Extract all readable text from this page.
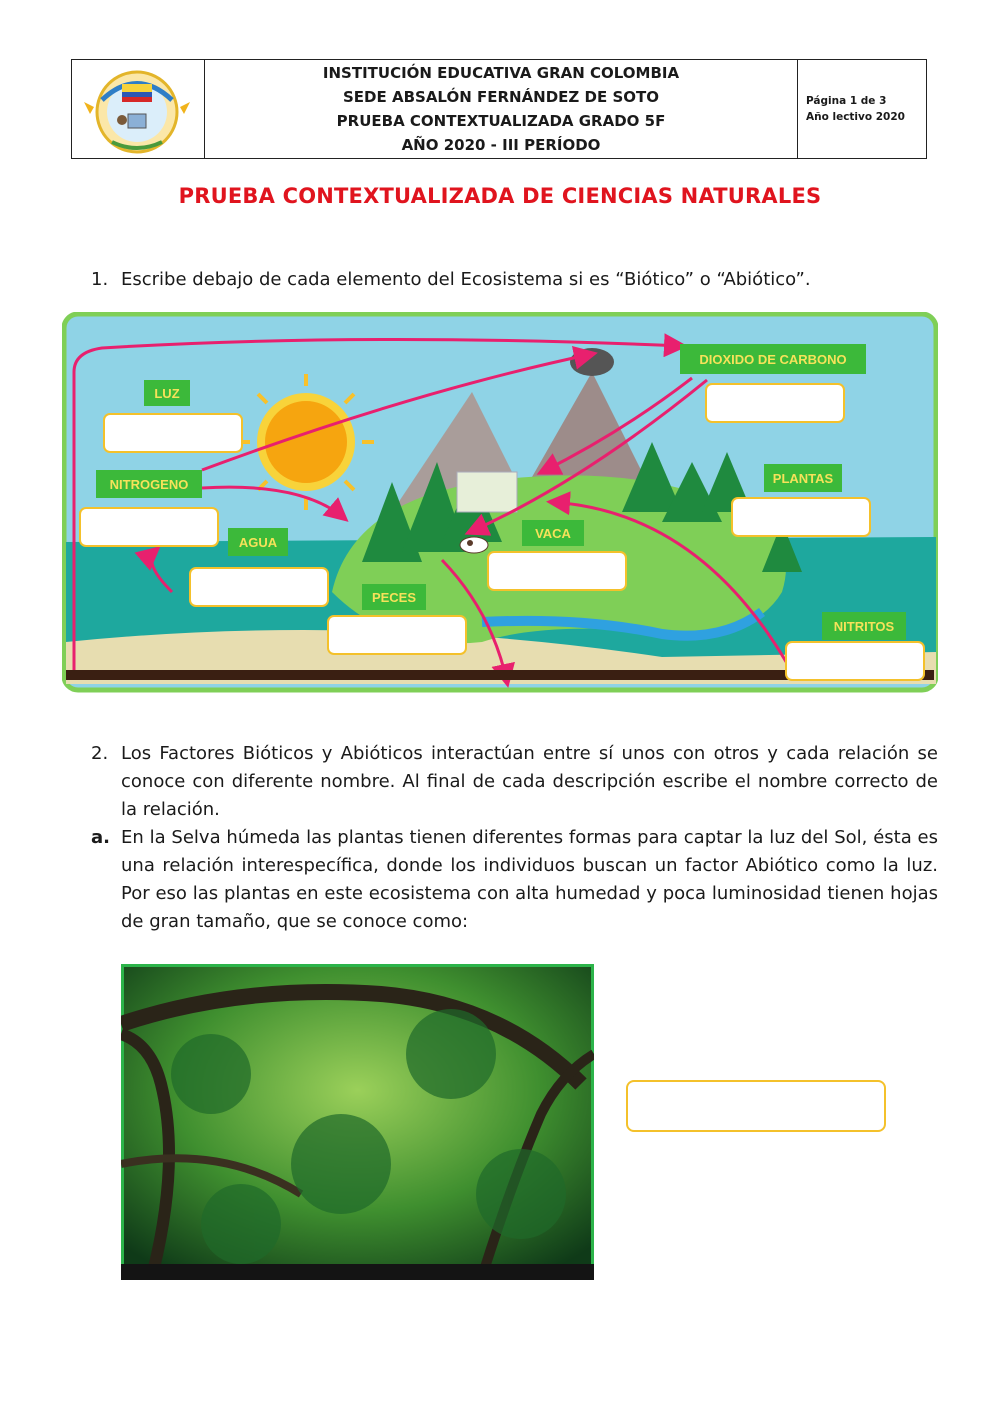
INSTITUCIÓN EDUCATIVA GRAN COLOMBIA
SEDE ABSALÓN FERNÁNDEZ DE SOTO
PRUEBA CONTEXTUALIZADA GRADO 5F
AÑO 2020 - III PERÍODO
Página 1 de 3
Año lectivo 2020
PRUEBA CONTEXTUALIZADA DE CIENCIAS NATURALES
1. Escribe debajo de cada elemento del Ecosistema si es “Biótico” o “Abiótico”.
LUZ
NITROGENO
AGUA
PECES
VACA
DIOXIDO DE CARBONO
PLANTAS
NITRITOS
2. Los Factores Bióticos y Abióticos interactúan entre sí unos con otros y cada relación se conoce con diferente nombre. Al final de cada descripción escribe el nombre correcto de la relación.
a. En la Selva húmeda las plantas tienen diferentes formas para captar la luz del Sol, ésta es una relación interespecífica, donde los individuos buscan un factor Abiótico como la luz. Por eso las plantas en este ecosistema con alta humedad y poca luminosidad tienen hojas de gran tamaño, que se conoce como:
